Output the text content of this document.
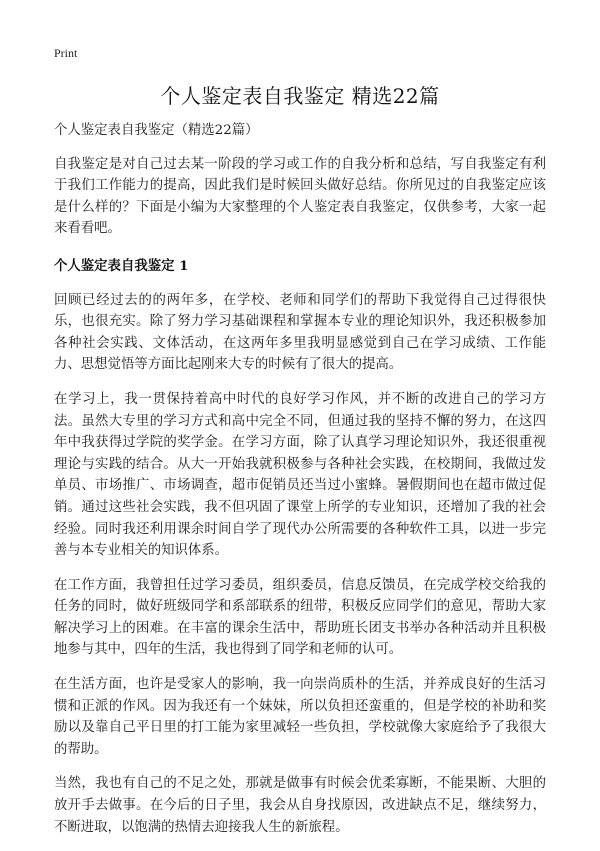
Print
个人鉴定表自我鉴定 精选22篇

个人鉴定表自我鉴定（精选22篇）

自我鉴定是对自己过去某一阶段的学习或工作的自我分析和总结，写自我鉴定有利于我们工作能力的提高，因此我们是时候回头做好总结。你所见过的自我鉴定应该是什么样的？下面是小编为大家整理的个人鉴定表自我鉴定，仅供参考，大家一起来看看吧。

个人鉴定表自我鉴定 1

回顾已经过去的的两年多，在学校、老师和同学们的帮助下我觉得自己过得很快乐，也很充实。除了努力学习基础课程和掌握本专业的理论知识外，我还积极参加各种社会实践、文体活动，在这两年多里我明显感觉到自己在学习成绩、工作能力、思想觉悟等方面比起刚来大专的时候有了很大的提高。

在学习上，我一贯保持着高中时代的良好学习作风，并不断的改进自己的学习方法。虽然大专里的学习方式和高中完全不同，但通过我的坚持不懈的努力，在这四年中我获得过学院的奖学金。在学习方面，除了认真学习理论知识外，我还很重视理论与实践的结合。从大一开始我就积极参与各种社会实践，在校期间，我做过发单员、市场推广、市场调查，超市促销员还当过小蜜蜂。暑假期间也在超市做过促销。通过这些社会实践，我不但巩固了课堂上所学的专业知识，还增加了我的社会经验。同时我还利用课余时间自学了现代办公所需要的各种软件工具，以进一步完善与本专业相关的知识体系。

在工作方面，我曾担任过学习委员，组织委员，信息反馈员，在完成学校交给我的任务的同时，做好班级同学和系部联系的纽带，积极反应同学们的意见，帮助大家解决学习上的困难。在丰富的课余生活中，帮助班长团支书举办各种活动并且积极地参与其中，四年的生活，我也得到了同学和老师的认可。

在生活方面，也许是受家人的影响，我一向崇尚质朴的生活，并养成良好的生活习惯和正派的作风。因为我还有一个妹妹，所以负担还蛮重的，但是学校的补助和奖励以及靠自己平日里的打工能为家里减轻一些负担，学校就像大家庭给予了我很大的帮助。

当然，我也有自己的不足之处，那就是做事有时候会优柔寡断，不能果断、大胆的放开手去做事。在今后的日子里，我会从自身找原因，改进缺点不足，继续努力，不断进取，以饱满的热情去迎接我人生的新旅程。
